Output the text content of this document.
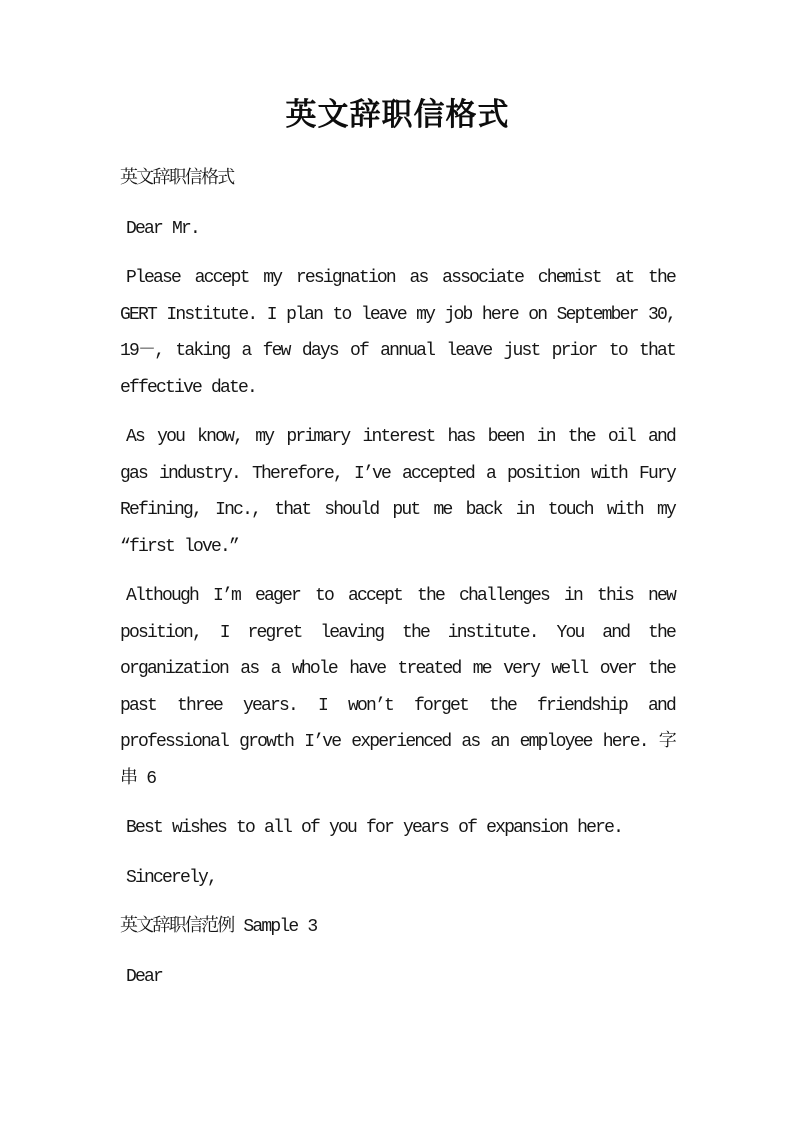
英文辞职信格式

英文辞职信格式

Dear Mr.

Please accept my resignation as associate chemist at the GERT Institute. I plan to leave my job here on September 30, 19－, taking a few days of annual leave just prior to that effective date.

As you know, my primary interest has been in the oil and gas industry. Therefore, I’ve accepted a position with Fury Refining, Inc., that should put me back in touch with my “first love.”

Although I’m eager to accept the challenges in this new position, I regret leaving the institute. You and the organization as a whole have treated me very well over the past three years. I won’t forget the friendship and professional growth I’ve experienced as an employee here. 字串 6

Best wishes to all of you for years of expansion here.

Sincerely,

英文辞职信范例 Sample 3

Dear
